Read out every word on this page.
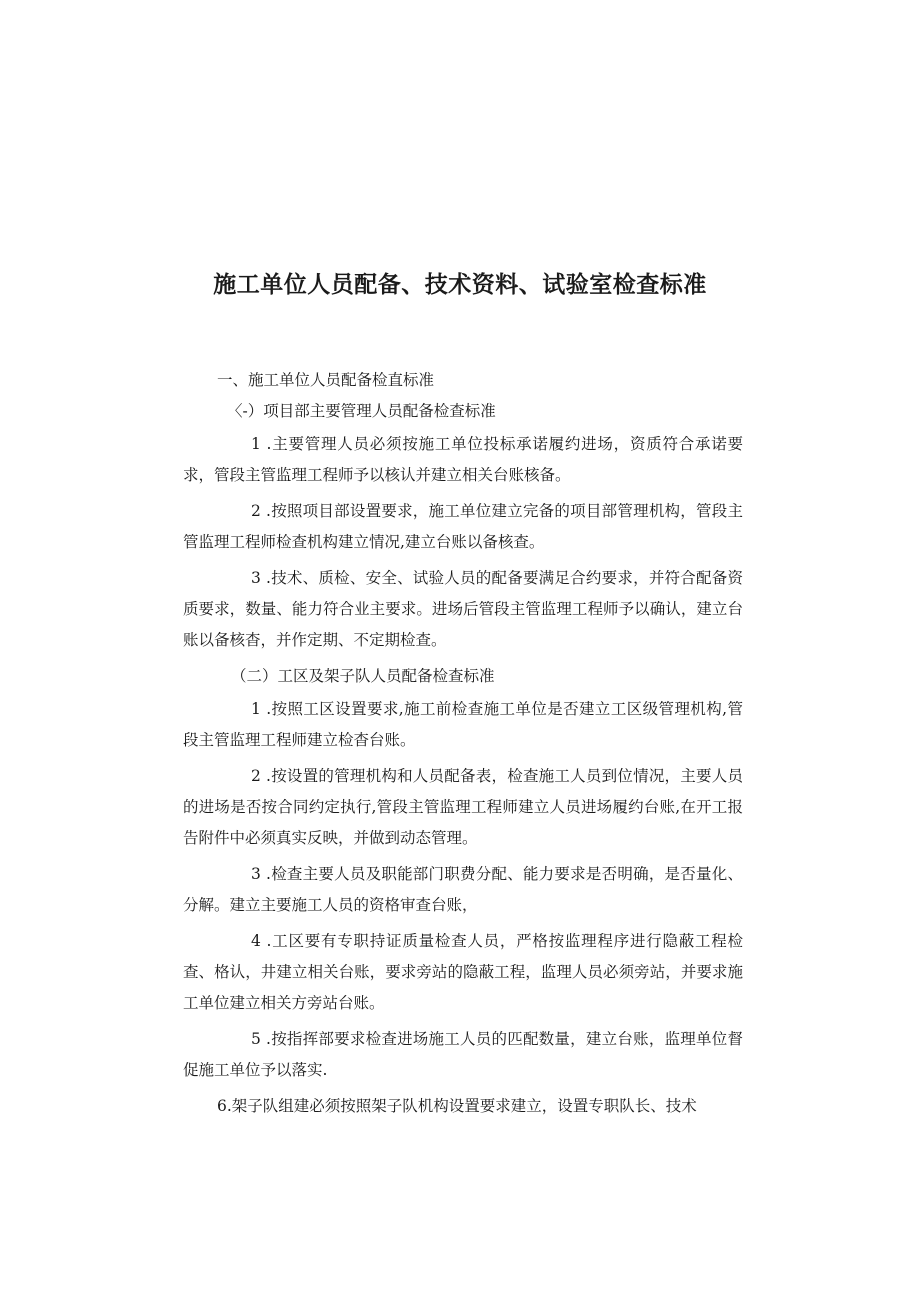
施工单位人员配备、技术资料、试验室检查标准

一、施工单位人员配备检直标准

〈-）项目部主要管理人员配备检查标准

1 .主要管理人员必须按施工单位投标承诺履约进场，资质符合承诺要求，管段主管监理工程师予以核认并建立相关台账核备。

2 .按照项目部设置要求，施工单位建立完备的项目部管理机构，管段主管监理工程师检查机构建立情况,建立台账以备核查。

3 .技术、质检、安全、试验人员的配备要满足合约要求，并符合配备资质要求，数量、能力符合业主要求。进场后管段主管监理工程师予以确认，建立台账以备核杳，并作定期、不定期检查。

（二）工区及架子队人员配备检查标准

1 .按照工区设置要求,施工前检查施工单位是否建立工区级管理机构,管段主管监理工程师建立检杳台账。

2 .按设置的管理机构和人员配备表，检查施工人员到位情况，主要人员的进场是否按合同约定执行,管段主管监理工程师建立人员进场履约台账,在开工报告附件中必须真实反映，并做到动态管理。

3 .检查主要人员及职能部门职费分配、能力要求是否明确，是否量化、分解。建立主要施工人员的资格审查台账，

4 .工区要有专职持证质量检查人员，严格按监理程序进行隐蔽工程检查、格认，井建立相关台账，要求旁站的隐蔽工程，监理人员必须旁站，并要求施工单位建立相关方旁站台账。

5 .按指挥部要求检查进场施工人员的匹配数量，建立台账，监理单位督促施工单位予以落实.

6.架子队组建必须按照架子队机构设置要求建立，设置专职队长、技术
